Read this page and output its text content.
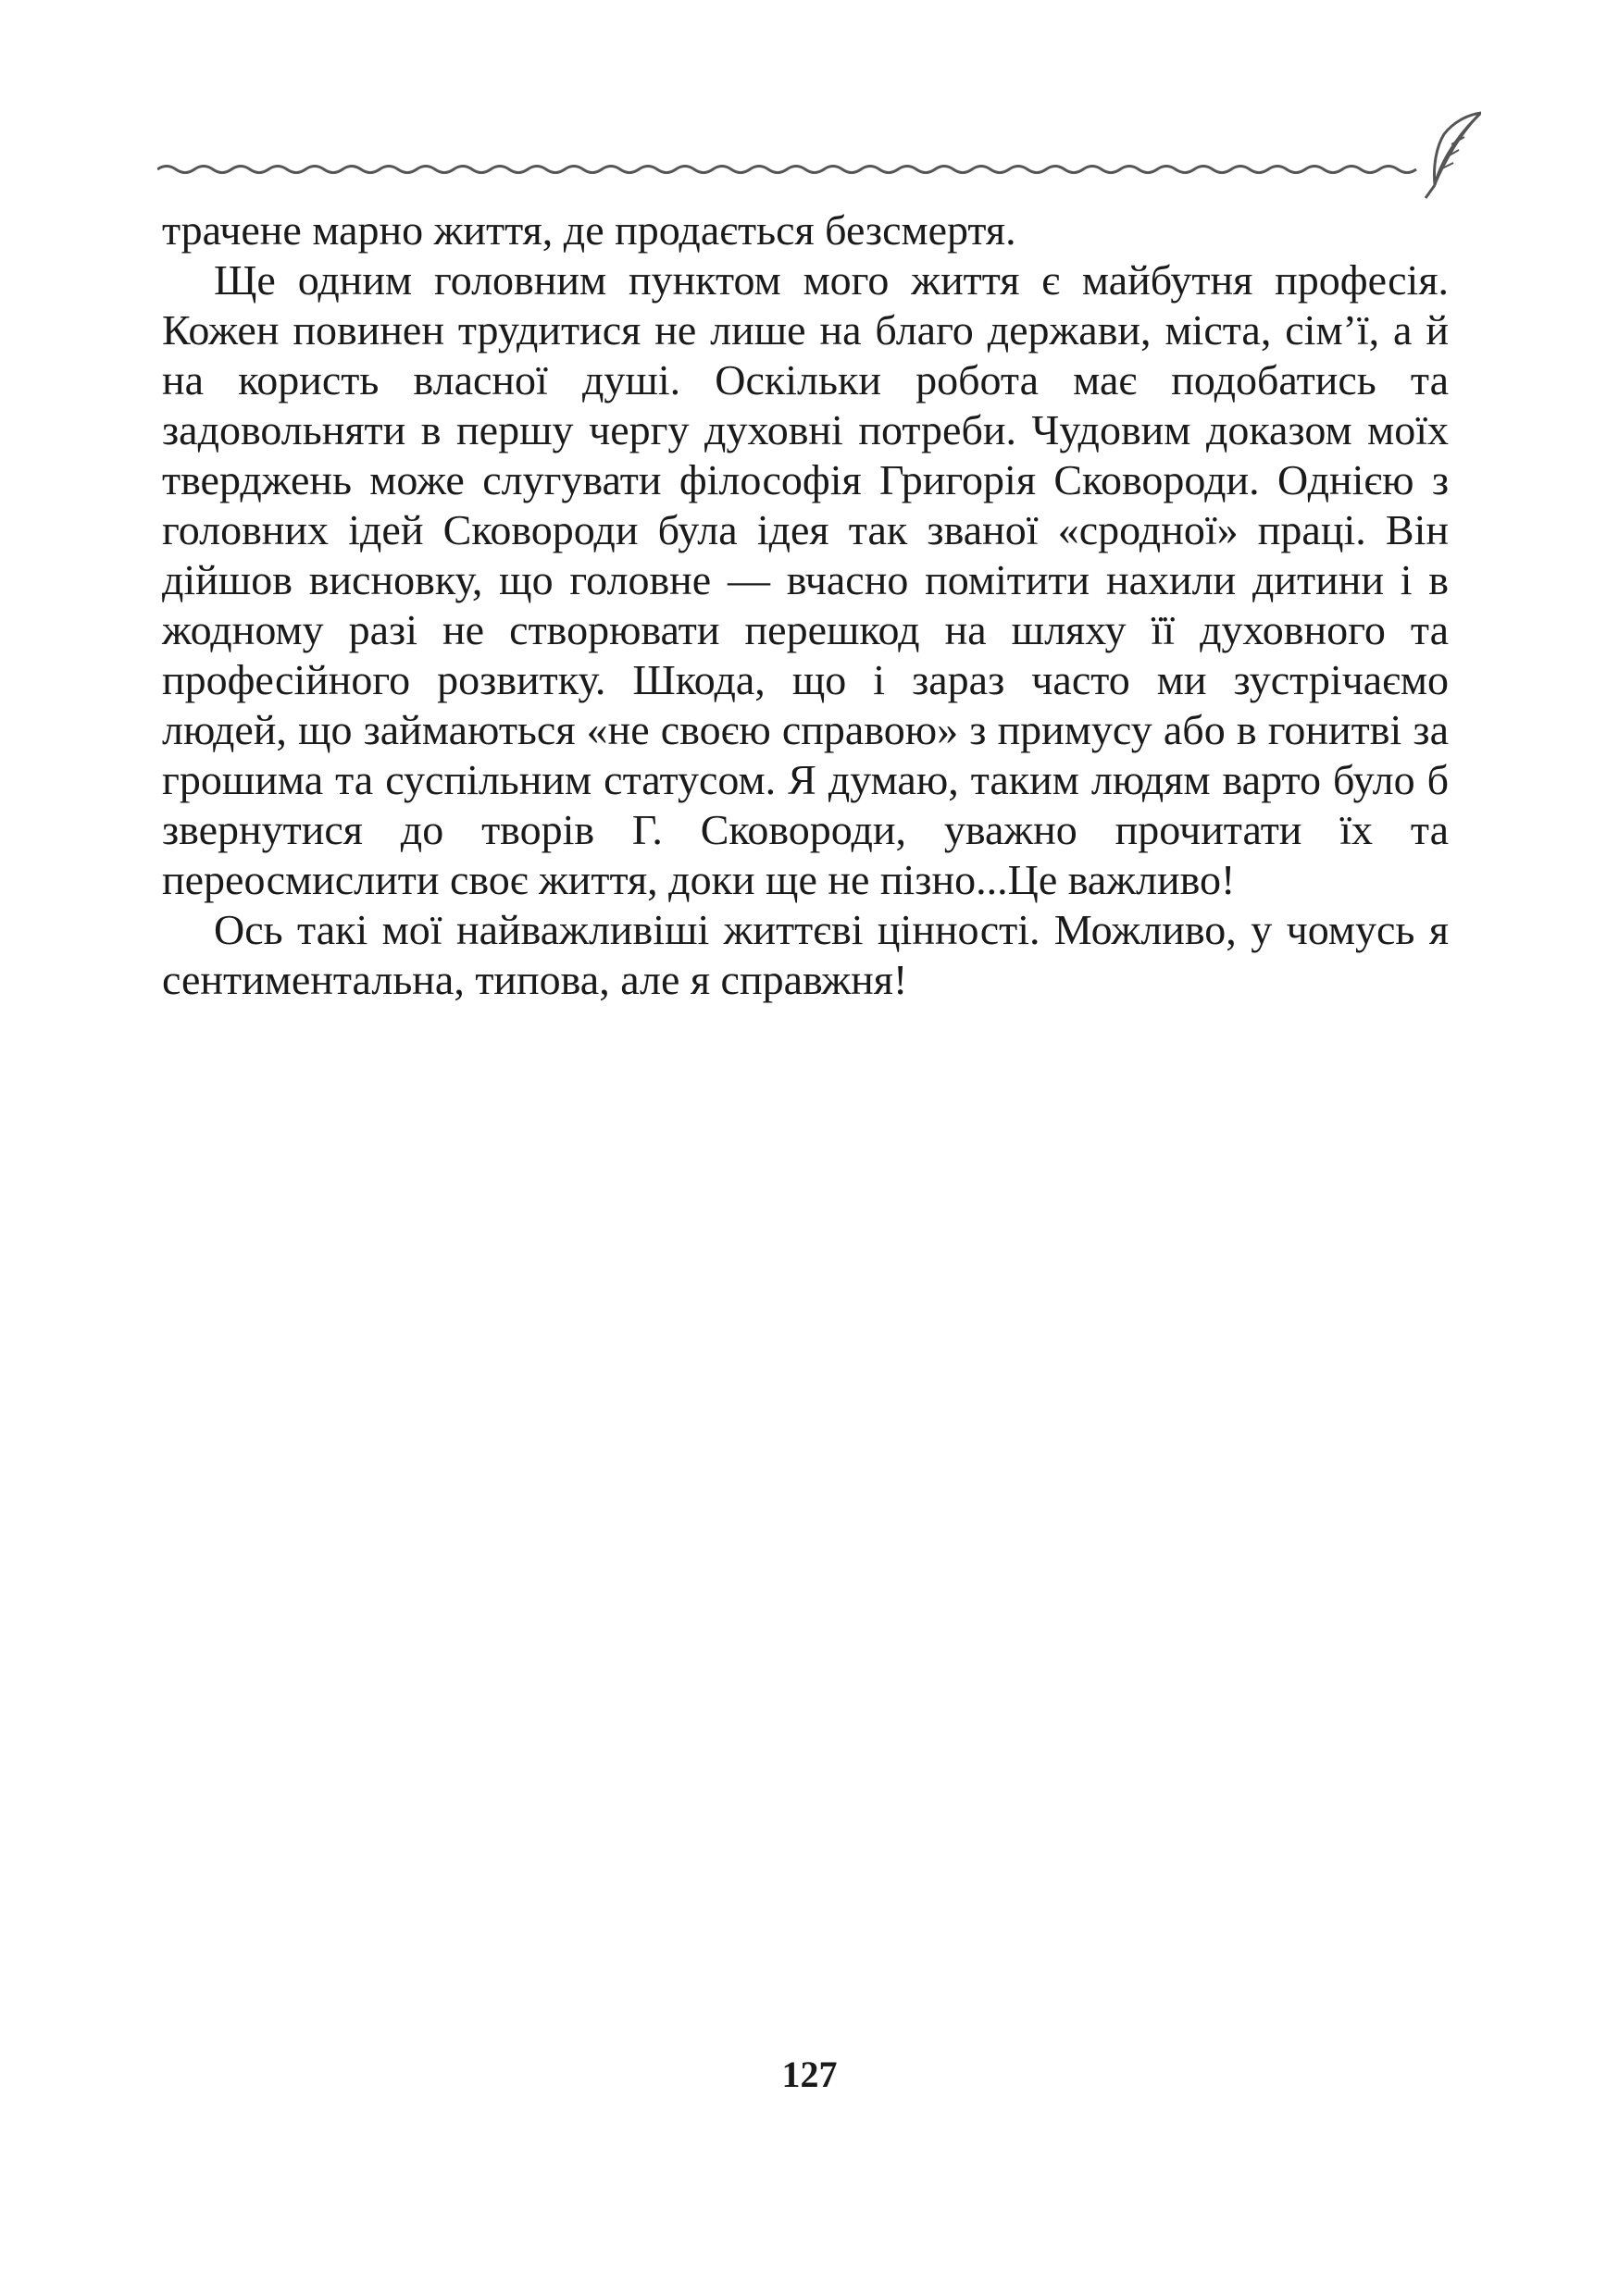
трачене марно життя, де продається безсмертя.

Ще одним головним пунктом мого життя є майбутня професія. Кожен повинен трудитися не лише на благо держави, міста, сім’ї, а й на користь власної душі. Оскільки робота має подобатись та задовольняти в першу чергу духовні потреби. Чудовим доказом моїх тверджень може слугувати філософія Григорія Сковороди. Однією з головних ідей Сковороди була ідея так званої «сродної» праці. Він дійшов висновку, що головне — вчасно помітити нахили дитини і в жодному разі не створювати перешкод на шляху її духовного та професійного розвитку. Шкода, що і зараз часто ми зустрічаємо людей, що займаються «не своєю справою» з примусу або в гонитві за грошима та суспільним статусом. Я думаю, таким людям варто було б звернутися до творів Г. Сковороди, уважно прочитати їх та переосмислити своє життя, доки ще не пізно...Це важливо!

Ось такі мої найважливіші життєві цінності. Можливо, у чомусь я сентиментальна, типова, але я справжня!

127
